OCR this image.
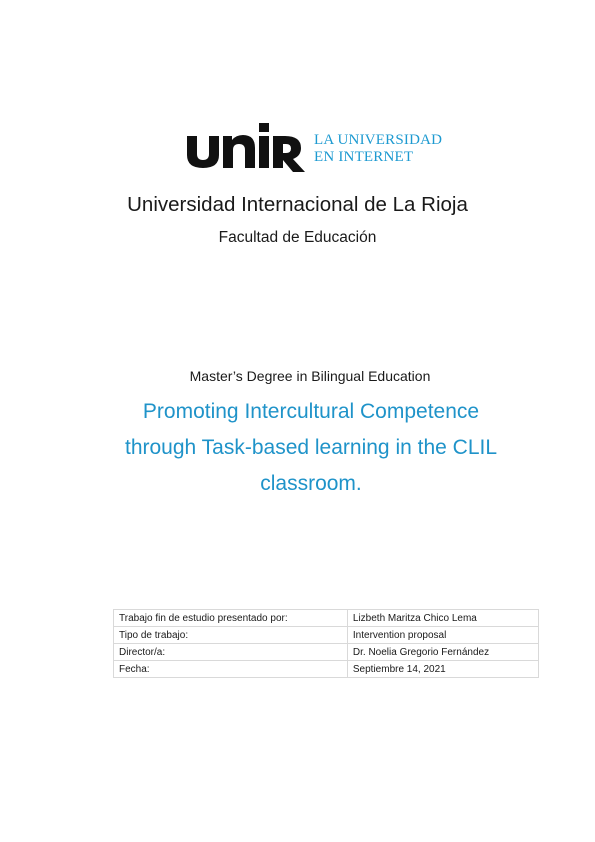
LA UNIVERSIDAD
EN INTERNET
Universidad Internacional de La Rioja
Facultad de Educación
Master’s Degree in Bilingual Education
Promoting Intercultural Competence
through Task-based learning in the CLIL
classroom.
Trabajo fin de estudio presentado por:	Lizbeth Maritza Chico Lema
Tipo de trabajo:	Intervention proposal
Director/a:	Dr. Noelia Gregorio Fernández
Fecha:	Septiembre 14, 2021
